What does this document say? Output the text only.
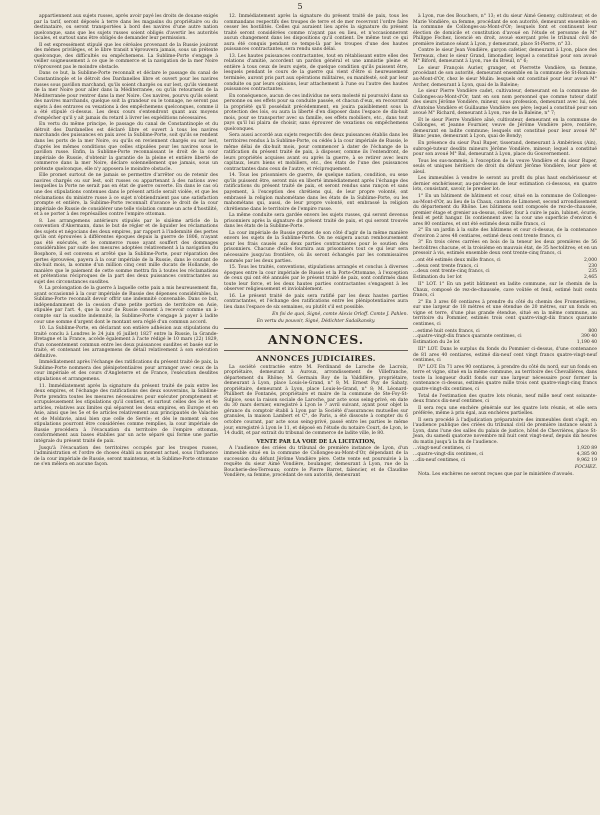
5

appartiennent aux sujets russes, après avoir payé les droits de douane exigés par la tarif, seront déposés à terre dans les magasins du propriétaire ou du destinataire, ou seront transportées à bord des navires d'une autre nation quelconque, sans que les sujets russes soient obligés d'avertir les autorités locales, et surtout sans être obligés de demander leur permission.

Il est expressément stipulé que les céréales provenant de la Russie jouiront des mêmes privilèges, et le libre transit n'éprouvera jamais, sous un prétexte quelconque, des difficultés ou empêchemens. La Sublime-Porte s'engage à veiller soigneusement à ce que le commerce et la navigation de la mer Noire n'éprouvent pas le moindre obstacle.

Dans ce but, la Sublime-Porte reconnaît et déclare le passage du canal de Constantinople et le détroit des Dardanelles libre et ouvert pour les navires russes sous pavillon marchand, qu'ils soient chargés ou sur lest, qu'ils viennent de la mer Noire pour aller dans la Méditerranée, ou qu'ils retournent de la Méditerranée pour rentrer dans la mer Noire. Ces navires, pourvu qu'ils soient des navires marchands, quelque soit la grandeur ou le tonnage, ne seront pas sujets à des entraves ou vexations à des empêchemens quelconques, comme il a été stipulé ci-dessus. Les deux cours s'entendront quant aux moyens d'empêcher qu'il y ait jamais du retard à livrer les expéditions nécessaires.

En vertu du même principe, le passage du canal de Constantinople et du détroit des Dardanelles est déclaré libre et ouvert à tous les navires marchands des puissances en paix avec la Sublime-Porte, soit qu'ils se rendent dans les ports de la mer Noire, ou qu'ils en reviennent chargés ou sur lest, d'après les mêmes conditions que celles stipulées pour les navires sous le pavillon russe. Enfin, la Sublime-Porte reconnaissant le droit de la cour impériale de Russie, d'obtenir la garantie de la pleine et entière liberté de commerce dans la mer Noire, déclare solennellement que jamais, sous un prétexte quelconque, elle n'y apposera le moindre obstacle.

Elle promet surtout de ne jamais se permettre d'arrêter ou de retenir des navires chargés ou sur lest, soit russes ou appartenant à des nations avec lesquelles la Porte ne serait pas en état de guerre ouverte. En dans le cas où une des stipulations contenues dans le présent article serait violée, et que les réclamations du ministre russe à ce sujet n'obtiendraient pas une satisfaction prompte et entière, la Sublime-Porte reconnaît d'avance le droit de la cour impériale de Russie de considérer une telle violation comme un acte d'hostilité, et à se porter à des représailles contre l'empire ottoman.

8. Les arrangemens antérieurs stipulés par le sixième article de la convention d'Akermann, dans le but de régler et de liquider les réclamations des sujets et négocians des deux empires, par rapport à l'indemnité des pertes qu'ils ont éprouvées à différentes époques depuis la guerre de 1806, n'ayant pas été exécutés, et le commerce russe ayant souffert des dommages considérables par suite des mesures adoptées relativement à la navigation du Bosphore, il est convenu et arrêté que la Sublime-Porte, pour réparation des pertes éprouvées, payera à la cour impériale de la Russie, dans le courant de dix-huit mois, la somme d'un million cinq cent mille ducats de Hollande, de manière que le paiement de cette somme mettra fin à toutes les réclamations et prétentions réciproques de la part des deux puissances contractantes au sujet des circonstances susdites.

9. La prolongation de la guerre à laquelle cette paix a mis heureusement fin, ayant occasionné à la cour impériale de Russie des dépenses considérables, la Sublime-Porte reconnaît devoir offrir une indemnité convenable. Dans ce but, indépendamment de la cession d'une petite portion de territoire en Asie, stipulée par l'art. 4, que la cour de Russie consent à recevoir comme un à-compte sur la susdite indemnité, la Sublime-Porte s'engage à payer à ladite cour une somme d'argent dont le montant sera réglé d'un commun accord.

10. La Sublime-Porte, en déclarant son entière adhésion aux stipulations du traité conclu à Londres le 24 juin (6 juillet) 1827 entre la Russie, la Grande-Bretagne et la France, accède également à l'acte rédigé le 10 mars (22) 1829, d'un consentement commun entre les deux puissances susdites et basée sur le traité, et contenant les arrangemens de détail relativement à son exécution définitive.

Immédiatement après l'échange des ratifications du présent traité de paix, la Sublime-Porte nommera des plénipotentiaires pour arranger avec ceux de la cour impériale et des cours d'Angleterre et de France, l'exécution desdites stipulations et arrangemens.

11. Immédiatement après la signature du présent traité de paix entre les deux empires, et l'échange des ratifications des deux souverains, la Sublime-Porte prendra toutes les mesures nécessaires pour exécuter promptement et scrupuleusement les stipulations qu'il contient, et surtout celles des 3e et 4e articles, relatives aux limites qui séparent les deux empires, en Europe et en Asie, ainsi que les 5e et 6e articles relativement aux principautés de Valachie et de Moldavie, ainsi bien que celle de Servie; et dès le moment où ces stipulations pourront être considérées comme remplies, la cour impériale de Russie procédera à l'évacuation du territoire de l'empire ottoman, conformément aux bases établies par un acte séparé qui forme une partie intégrale du présent traité de paix.

Jusqu'à l'évacuation des territoires occupés par les troupes russes, l'administration et l'ordre de choses établi au moment actuel, sous l'influence de la cour impériale de Russie, seront maintenus, et la Sublime-Porte ottomane ne s'en mêlera en aucune façon.

12. Immédiatement après la signature du présent traité de paix, tous les commandans respectifs des troupes de terre et de mer recevront l'ordre faire cesser les hostilités. Celles qui auraient lieu après la signature du présent traité seront considérées comme n'ayant pas eu lieu, et n'occasionneront aucun changement dans les dispositions qu'il contient. De même tout ce qui aura été conquis pendant ce temps-là par les troupes d'une des hautes puissances contractantes, sera rendu sans délai.

13. Les hautes puissances contractantes, tout en rétablissant entre elles des relations d'amitié, accordent un pardon général et une amnistie pleine et entière à tous ceux de leurs sujets, de quelque condition qu'ils puissent être, lesquels pendant le cours de la guerre qui vient d'être si heureusement terminée, auront pris part aux opérations militaires, ou manifesté, soit par leur conduite ou par leurs opinions, leur attachement à l'une ou l'autre des hautes puissances contractantes.

En conséquence, aucun de ces individus ne sera molesté ni poursuivi dans sa personne ou ses effets pour sa conduite passée, et chacun d'eux, en recouvrant la propriété qu'il possédait précédemment, en jouira paisiblement sous la protection des lois, ou aura la liberté d'en disposer dans l'espace de dix-huit mois, pour se transporter avec sa famille, ses effets mobiliers, etc., dans tout pays qu'il lui plaira de choisir, sans éprouver de vexations ou empêchemens quelconques.

Sera aussi accordé aux sujets respectifs des deux puissances établis dans les territoires rendus à la Sublime-Porte, ou cédés à la cour impériale de Russie, le même délai de dix-huit mois, pour commencer à dater de l'échange de la ratification du présent traité de paix, à disposer, comme ils l'entendront, de leurs propriétés acquises avant ou après la guerre, à se retirer avec leurs capitaux, leurs biens et mobiliers, etc., des états de l'une des puissances contractantes dans ceux de l'autre, et réciproquement.

14. Tous les prisonniers de guerre, de quelque nation, condition, ou sexe qu'ils puissent être, seront mis en liberté immédiatement après l'échange des ratifications du présent traité de paix, et seront rendus sans rançon et sans payement, à l'exception des chrétiens qui, de leur propre volonté, ont embrassé la religion mahométane dans les états de la Sublime-Porte, ou les mahométans qui, aussi, de leur propre volonté, ont embrassé la religion chrétienne dans le territoire de l'empire russe.

La même conduite sera gardée envers les sujets russes, qui seront devenus prisonniers après la signature du présent traité de paix, et qui seront trouvés dans les états de la Sublime-Porte.

La cour impériale de Russie promet de son côté d'agir de la même manière envers les sujets de la Sublime-Porte. On ne exigera aucun remboursement pour les frais causés aux deux parties contractantes pour le soutien des prisonniers. Chacune d'elles fournira aux prisonniers tout ce qui leur sera nécessaire jusqu'au frontière, où ils seront échangés par les commissaires nommés par les deux parties.

15. Tous les traités, conventions, stipulations arrangés et conclus à diverses époques entre la cour impériale de Russie et la Porte-Ottomane, à l'exception de ceux qui ont été annulés par le présent traité de paix, sont confirmés dans toute leur force, et les deux hautes parties contractantes s'engagent à les observer religieusement et inviolablement.

16. Le présent traité de paix sera ratifié par les deux hautes parties contractantes, et l'échange des ratifications entre les plénipotentiaires aura lieu dans l'espace de six semaines, ou plutôt s'il est possible.

En foi de quoi, Signé, comte Alexis Orloff. Comte J. Pahlen.

En vertu du pouvoir, Signé, Dédichter Sadaïkansky.

ANNONCES.
ANNONCES JUDICIAIRES.

La société contractée entre M. Ferdinand de Laroche de Lacroix, propriétaire, demeurant à Auroux, arrondissement de Villefranche, département du Rhône; M. Germain Roy de la Valdiflère, propriétaire, demeurant à Lyon, place Louis-le-Grand, n° 8; M. Ernest Puy de Sabaty, propriétaire, demeurant à Lyon, place Louis-le-Grand, n° 8; M. Léonard-Philibert de Fontanès, propriétaire et maire de la commune de Ste-Foy-St-Sulpice, sous la raison sociale de Laroche, par acte sous seing-privé, en date du 30 mars dernier, enregistré à Lyon le 7 avril suivant, ayant pour objet la gérance du comptoir établi à Lyon par la Société d'assurances mutuelles sur granules, la maison Lambert et C°, de Paris, a été dissoute à compter du 6 octobre courant, par acte sous seing-privé, passé entre les parties le même jour, enregistré à Lyon le 11, et déposé en l'étude du notaire Court, de Lyon, le 14 dudit, et par extrait du tribunal de commerce de ladite ville, le 80.

VENTE PAR LA VOIE DE LA LICITATION,

A l'audience des criées du tribunal de première instance de Lyon, d'un immeuble situé en la commune de Collonges-au-Mont-d'Or, dépendant de la succession du défunt Jérôme Vondière père. Cette vente est poursuivie à la requête du sieur Aimé Vondière, boulanger, demeurant à Lyon, rue de la Boucherie-des-Terreaux; contre le Pierre Barret, faïencier, et de Claudine Vondière, sa femme, procédant de son autorité, demeurant

à Lyon, rue des Bouchers, n° 13; et du sieur Aimé Geneny, cultivateur, et de Marie Vondière, sa femme, procédant de son autorité, demeurant ensemble en la commune de Collonges-au-Mont-d'Or; lesquels font et continuent leur élection de domicile et constitution d'avoué en l'étude et personne de M° Philippe Fochez, licencié en droit, avoué exerçant près le tribunal civil de première instance séant à Lyon, y demeurant, place St-Pierre, n° 33.

Contre le sieur Jean Vondière, garçon cafetier, demeurant à Lyon, place des Terreaux, chez le sieur Grand, limonadier, lequel a constitué pour son avoué M° Biford, demeurant à Lyon, rue du Breuil, n° 6;

Le sieur François Aurier, granger, et Pierrette Vondière, sa femme, procédant de son autorité, demeurant ensemble en la commune de St-Romain-au-Mont-d'Or, chez le sieur Mulin: lesquels ont constitué pour leur avoué M° Archer, demeurant à Lyon, quai de la Baleine;

Le sieur Pierre Vondière cadet, cultivateur, demeurant en la commune de Collonges-au-Mont-d'Or, tant en son nom personnel que comme tuteur datif des sieurs Jérôme Vondière, mineur, sous profession, demeurant avec lui, nés d'Antoine Vondière et Guillaume Vondière ses père; lequel a constitué pour son avoué M° Richard, demeurant à Lyon, rue de la Baleine, n° 7;

Et le sieur Pierre Vondière aîné, cultivateur, demeurant en la commune de Collonges, et Jeanne Fournier, veuve de Jérôme Vondière père, rentière, demeurant en ladite commune; lesquels ont constitué pour leur avoué M° Blanc jeune, demeurant à Lyon, quai de Bondy;

En présence du sieur Paul Ruper, tisserand, demeurant à Ambérieux (Ain), subrogé-tuteur desdits mineurs Jérôme Vondière, mineur; lequel a constitué pour son avoué M° Bal, demeurant à Lyon, place du Gouvernement.

Tous les sus-nommés, à l'exception de la veuve Vondière et du sieur Ruper, seuls et uniques héritiers de droit du défunt Jérôme Vondière, leur père et aïeul.

Les immeubles à vendre le seront au profit du plus haut enchérisseur et dernier enchérisseur, au-par-dessus de leur estimation ci-dessous, en quatre lots, consistant, savoir, le premier lot:

1° En un bâtiment de bâtiment et cour, situé en la commune de Collonges-au-Mont-d'Or, au lieu de la Chaux, canton de Limonest, second arrondissement du département du Rhône. Les bâtimens sont composés de rez-de-chaussée, premier étage et grenier au-dessus, cellier, four à cuire le pain, lubinet, écurie, fenil et petit hangar. Ils contiennent avec la cour une superficie d'environ 4 ares 80 centiares, et ont été estimés deux mille francs, ci

2° En un jardin à la suite des bâtimens et cour ci-dessus, de la contenance d'environ 2 ares 48 centiares, estimé deux cent trente francs, ci

3° En trois cères carrées en bois de la teneur les deux premières de 56 hectolitres chacune, et la troisième en mauvais état, de 35 hectolitres; et en un pressoir à vis, estimés ensemble deux cent trente-cinq francs, ci

...ont été estimés deux mille francs, ci	2,000
...deux cent trente francs, ci	230
...deux cent trente-cinq francs, ci	235
Estimation du 1er lot	2,465

II° LOT. 1° En un petit bâtiment en ladite commune, sur le chemin de la Chaux, composé de rez-de-chaussée, cave voûtée et fenil, estimé huit cents francs, ci

2° En 3 ares 60 centiares à prendre du côté du chemin des Fromentières, sur une largeur de 18 mètres et une étendue de 20 mètres, sur un fonds en vigne et terre, d'une plus grande étendue, situé en la même commune, au territoire du Pommier, estimés trois cent quatre-vingt-dix francs quarante centimes, ci

...estimé huit cents francs, ci	800
...quatre-vingt-dix francs quarante centimes, ci	390 40
Estimation du 2e lot	1,190 40

III° LOT. Dans le surplus du fonds du Pommier ci-dessus, d'une contenance de 81 ares 40 centiares, estimé dix-neuf cent vingt francs quatre-vingt-neuf centimes, ci

IV° LOT. En 71 ares 90 centiares, à prendre du côté du nord, sur un fonds en terre et vigne, situé en la même commune, au territoire des Chevallières, dans toute la longueur dudit fonds sur une largeur nécessaire pour former la contenance ci-dessus, estimés quatre mille trois cent quatre-vingt-cinq francs quatre-vingt-dix centimes, ci

Total de l'estimation des quatre lots réunis, neuf mille neuf cent soixante-deux francs dix-neuf centimes, ci

Il sera reçu une enchère générale sur les quatre lots réunis, et elle sera préférée, même à prix égal, aux enchères partielles.

Il sera procédé à l'adjudication préparatoire des immeubles dont s'agit, en l'audience publique des criées du tribunal civil de première instance séant à Lyon, dans l'une des salles du palais de justice, hôtel de Chevrières, place St-Jean, du samedi quatorze novembre mil huit cent vingt-neuf, depuis dix heures du matin jusqu'à la fin de l'audience.

...vingt-neuf centimes, ci	1,920 89
...quatre-vingt-dix centimes, ci	4,385 90
...dix-neuf centimes, ci	9,962 19

FOCHEZ.

Nota. Les enchères ne seront reçues que par le ministère d'avoués.
